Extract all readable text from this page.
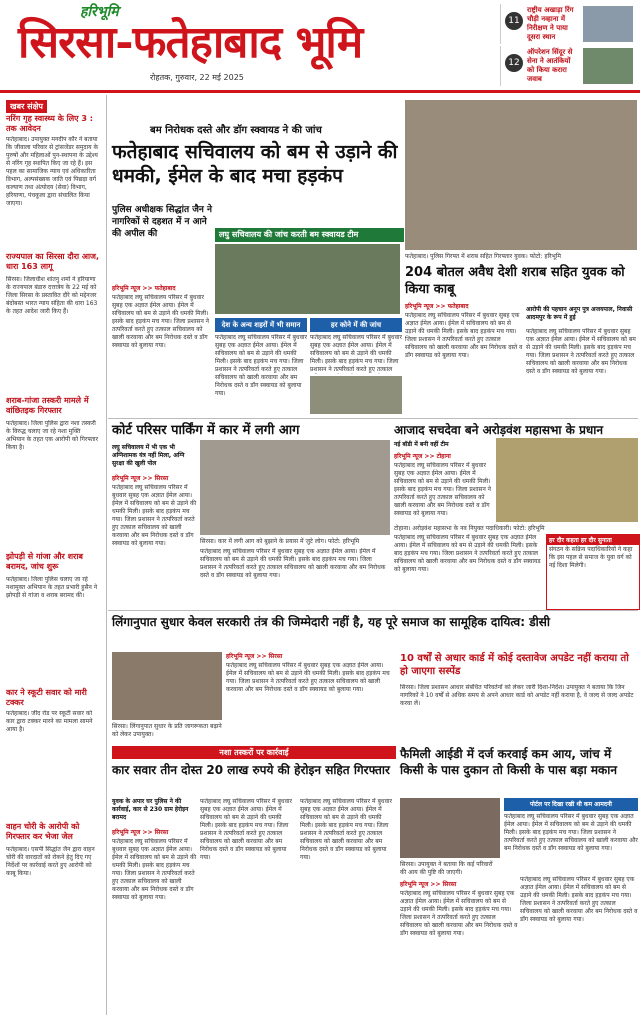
हरिभूमि
सिरसा-फतेहाबाद भूमि
रोहतक, गुरुवार, 22 मई 2025
11
राष्ट्रीय अखाड़ा रिंग चौड़ी नव्हाना में निरीक्षण ने पाया दूसरा स्थान
12
ऑपरेशन सिंदूर से सेना ने आतंकियों को किया करारा जवाब
खबर संक्षेप
नरिंग गृह स्वास्थ्य के लिए 3 : तक आवेदन
फतेहाबाद। उपायुक्त मनदीप कौर ने बताया कि जीवाला परिवार से ट्रांसजेंडर समुदाय के पुरुषों और महिलाओं पुन-स्थापना के उद्देश्य से नरिंग गृह स्थापित किए जा रहे हैं। इस पहल का सामाजिक न्याय एवं अधिकारिता विभाग, अल्पसंख्यक जाति एवं पिछड़ा वर्ग कल्याण तथा अंत्योदय (सेवा) विभाग, हरियाणा, पंचकूला द्वारा संचालित किया जाएगा।
राज्यपाल का सिरसा दौरा आज, धारा 163 लागू
सिरसा। जिलाधीश शांतनु शर्मा ने हरियाणा के राज्यपाल बंडारु दत्तात्रेय के 22 मई को जिला सिरसा के प्रस्तावित दौरे को मद्देनजर बंदोबस्त भारत न्याय संहिता की धारा 163 के तहत आदेश जारी किए हैं।
शराब-गांजा तस्करी मामले में वांछितइक गिरफ्तार
फतेहाबाद। जिला पुलिस द्वारा नशा तस्करी के विरुद्ध चलाए जा रहे नशा मुक्ति अभियान के तहत एक आरोपी को गिरफ्तार किया है।
झोपड़ी से गांजा और शराब बरामद, जांच शुरू
फतेहाबाद। जिला पुलिस चलाए जा रहे नशामुक्त अभियान के तहत प्रभारी हुसैन ने झोपड़ी से गांजा व शराब बरामद की।
कार ने स्कूटी सवार को मारी टक्कर
फतेहाबाद। जींद रोड पर स्कूटी सवार को कार द्वारा टक्कर मारने का मामला सामने आया है।
वाहन चोरी के आरोपी को गिरफ्तार कर भेजा जेल
फतेहाबाद। एसपी सिद्धांत जैन द्वारा वाहन चोरी की वारदातों को रोकने हेतु दिए गए निर्देशों पर कार्रवाई करते हुए आरोपी को काबू किया।
बम निरोधक दस्ते और डॉग स्क्वायड ने की जांच
फतेहाबाद सचिवालय को बम से उड़ाने की धमकी, ईमेल के बाद मचा हड़कंप
पुलिस अधीक्षक सिद्धांत जैन ने नागरिकों से दहशत में न आने की अपील की	लघु सचिवालय की जांच करती बम स्क्वायड टीम
हरिभूमि न्यूज >> फतेहाबाद
फतेहाबाद लघु सचिवालय परिसर में बुधवार सुबह एक अज्ञात ईमेल आया। ईमेल में सचिवालय को बम से उड़ाने की धमकी मिली। इसके बाद हड़कंप मच गया। जिला प्रशासन ने तत्परिवर्ता करते हुए तत्काल सचिवालय को खाली करवाया और बम निरोधक दस्ते व डॉग स्क्वायड को बुलाया गया।
देश के अन्य शहरों में भी समान
फतेहाबाद लघु सचिवालय परिसर में बुधवार सुबह एक अज्ञात ईमेल आया। ईमेल में सचिवालय को बम से उड़ाने की धमकी मिली। इसके बाद हड़कंप मच गया। जिला प्रशासन ने तत्परिवर्ता करते हुए तत्काल सचिवालय को खाली करवाया और बम निरोधक दस्ते व डॉग स्क्वायड को बुलाया गया।
हर कोने में की जांच
फतेहाबाद लघु सचिवालय परिसर में बुधवार सुबह एक अज्ञात ईमेल आया। ईमेल में सचिवालय को बम से उड़ाने की धमकी मिली। इसके बाद हड़कंप मच गया। जिला प्रशासन ने तत्परिवर्ता करते हुए तत्काल
फतेहाबाद। पुलिस गिरफ्त में शराब सहित गिरफ्तार युवक। फोटो: हरिभूमि
204 बोतल अवैध देशी शराब सहित युवक को किया काबू
हरिभूमि न्यूज >> फतेहाबाद
फतेहाबाद लघु सचिवालय परिसर में बुधवार सुबह एक अज्ञात ईमेल आया। ईमेल में सचिवालय को बम से उड़ाने की धमकी मिली। इसके बाद हड़कंप मच गया। जिला प्रशासन ने तत्परिवर्ता करते हुए तत्काल सचिवालय को खाली करवाया और बम निरोधक दस्ते व डॉग स्क्वायड को बुलाया गया।
आरोपी की पहचान अनूप पुत्र अजयपाल, निवासी आदमपुर के रूप में हुई
फतेहाबाद लघु सचिवालय परिसर में बुधवार सुबह एक अज्ञात ईमेल आया। ईमेल में सचिवालय को बम से उड़ाने की धमकी मिली। इसके बाद हड़कंप मच गया। जिला प्रशासन ने तत्परिवर्ता करते हुए तत्काल सचिवालय को खाली करवाया और बम निरोधक दस्ते व डॉग स्क्वायड को बुलाया गया।
कोर्ट परिसर पार्किंग में कार में लगी आग
लघु सचिवालय में भी एक भी अग्निशामक यंत्र नहीं मिला, अग्नि सुरक्षा की खुली पोल
हरिभूमि न्यूज >> सिरसा
फतेहाबाद लघु सचिवालय परिसर में बुधवार सुबह एक अज्ञात ईमेल आया। ईमेल में सचिवालय को बम से उड़ाने की धमकी मिली। इसके बाद हड़कंप मच गया। जिला प्रशासन ने तत्परिवर्ता करते हुए तत्काल सचिवालय को खाली करवाया और बम निरोधक दस्ते व डॉग स्क्वायड को बुलाया गया।	सिरसा। कार में लगी आग को बुझाने के प्रयास में जुटे लोग। फोटो: हरिभूमि
फतेहाबाद लघु सचिवालय परिसर में बुधवार सुबह एक अज्ञात ईमेल आया। ईमेल में सचिवालय को बम से उड़ाने की धमकी मिली। इसके बाद हड़कंप मच गया। जिला प्रशासन ने तत्परिवर्ता करते हुए तत्काल सचिवालय को खाली करवाया और बम निरोधक दस्ते व डॉग स्क्वायड को बुलाया गया।
आजाद सचदेवा बने अरोड़वंश महासभा के प्रधान
नई बॉडी में बनी वहीं टीम
हरिभूमि न्यूज >> टोहाना
फतेहाबाद लघु सचिवालय परिसर में बुधवार सुबह एक अज्ञात ईमेल आया। ईमेल में सचिवालय को बम से उड़ाने की धमकी मिली। इसके बाद हड़कंप मच गया। जिला प्रशासन ने तत्परिवर्ता करते हुए तत्काल सचिवालय को खाली करवाया और बम निरोधक दस्ते व डॉग स्क्वायड को बुलाया गया।
टोहाना। अरोड़वंश महासभा के नव नियुक्त पदाधिकारी। फोटो: हरिभूमि
फतेहाबाद लघु सचिवालय परिसर में बुधवार सुबह एक अज्ञात ईमेल आया। ईमेल में सचिवालय को बम से उड़ाने की धमकी मिली। इसके बाद हड़कंप मच गया। जिला प्रशासन ने तत्परिवर्ता करते हुए तत्काल सचिवालय को खाली करवाया और बम निरोधक दस्ते व डॉग स्क्वायड को बुलाया गया।
हर दौर कहता हर दौर सुनाता
संगठन के सक्रिय पदाधिकारियों ने कहा कि इस पहल से समाज के युवा वर्ग को नई दिशा मिलेगी।
लिंगानुपात सुधार केवल सरकारी तंत्र की जिम्मेदारी नहीं है, यह पूरे समाज का सामूहिक दायित्व: डीसी
सिरसा। लिंगानुपात सुधार के प्रति जागरूकता बढ़ाने को लेकर उपायुक्त।
हरिभूमि न्यूज >> सिरसा
फतेहाबाद लघु सचिवालय परिसर में बुधवार सुबह एक अज्ञात ईमेल आया। ईमेल में सचिवालय को बम से उड़ाने की धमकी मिली। इसके बाद हड़कंप मच गया। जिला प्रशासन ने तत्परिवर्ता करते हुए तत्काल सचिवालय को खाली करवाया और बम निरोधक दस्ते व डॉग स्क्वायड को बुलाया गया।
10 वर्षों से अधार कार्ड में कोई दस्तावेज अपडेट नहीं कराया तो हो जाएगा सस्पेंड
सिरसा। जिला प्रशासन आधार संबंधित परिवर्तनों को लेकर जारी दिशा-निर्देश। उपायुक्त ने बताया कि जिन नागरिकों ने 10 वर्षों से अधिक समय से अपने आधार कार्ड को अपडेट नहीं कराया है, वे जल्द से जल्द अपडेट करवा लें।
नशा तस्करों पर कार्रवाई
कार सवार तीन दोस्त 20 लाख रुपये की हेरोइन सहित गिरफ्तार
युवक के अपार घर पुलिस ने की कार्रवाई, कार से 230 ग्राम हेरोइन बरामद
हरिभूमि न्यूज >> सिरसा
फतेहाबाद लघु सचिवालय परिसर में बुधवार सुबह एक अज्ञात ईमेल आया। ईमेल में सचिवालय को बम से उड़ाने की धमकी मिली। इसके बाद हड़कंप मच गया। जिला प्रशासन ने तत्परिवर्ता करते हुए तत्काल सचिवालय को खाली करवाया और बम निरोधक दस्ते व डॉग स्क्वायड को बुलाया गया।
फतेहाबाद लघु सचिवालय परिसर में बुधवार सुबह एक अज्ञात ईमेल आया। ईमेल में सचिवालय को बम से उड़ाने की धमकी मिली। इसके बाद हड़कंप मच गया। जिला प्रशासन ने तत्परिवर्ता करते हुए तत्काल सचिवालय को खाली करवाया और बम निरोधक दस्ते व डॉग स्क्वायड को बुलाया गया।
फतेहाबाद लघु सचिवालय परिसर में बुधवार सुबह एक अज्ञात ईमेल आया। ईमेल में सचिवालय को बम से उड़ाने की धमकी मिली। इसके बाद हड़कंप मच गया। जिला प्रशासन ने तत्परिवर्ता करते हुए तत्काल सचिवालय को खाली करवाया और बम निरोधक दस्ते व डॉग स्क्वायड को बुलाया गया।
फैमिली आईडी में दर्ज करवाई कम आय, जांच में किसी के पास दुकान तो किसी के पास बड़ा मकान
सिरसा। उपायुक्त ने बताया कि कई परिवारों की आय की पुष्टि की जाएगी।
पोर्टल पर दिखा रखी थी कम आमदनी
फतेहाबाद लघु सचिवालय परिसर में बुधवार सुबह एक अज्ञात ईमेल आया। ईमेल में सचिवालय को बम से उड़ाने की धमकी मिली। इसके बाद हड़कंप मच गया। जिला प्रशासन ने तत्परिवर्ता करते हुए तत्काल सचिवालय को खाली करवाया और बम निरोधक दस्ते व डॉग स्क्वायड को बुलाया गया।
हरिभूमि न्यूज >> सिरसा
फतेहाबाद लघु सचिवालय परिसर में बुधवार सुबह एक अज्ञात ईमेल आया। ईमेल में सचिवालय को बम से उड़ाने की धमकी मिली। इसके बाद हड़कंप मच गया। जिला प्रशासन ने तत्परिवर्ता करते हुए तत्काल सचिवालय को खाली करवाया और बम निरोधक दस्ते व डॉग स्क्वायड को बुलाया गया।
फतेहाबाद लघु सचिवालय परिसर में बुधवार सुबह एक अज्ञात ईमेल आया। ईमेल में सचिवालय को बम से उड़ाने की धमकी मिली। इसके बाद हड़कंप मच गया। जिला प्रशासन ने तत्परिवर्ता करते हुए तत्काल सचिवालय को खाली करवाया और बम निरोधक दस्ते व डॉग स्क्वायड को बुलाया गया।
